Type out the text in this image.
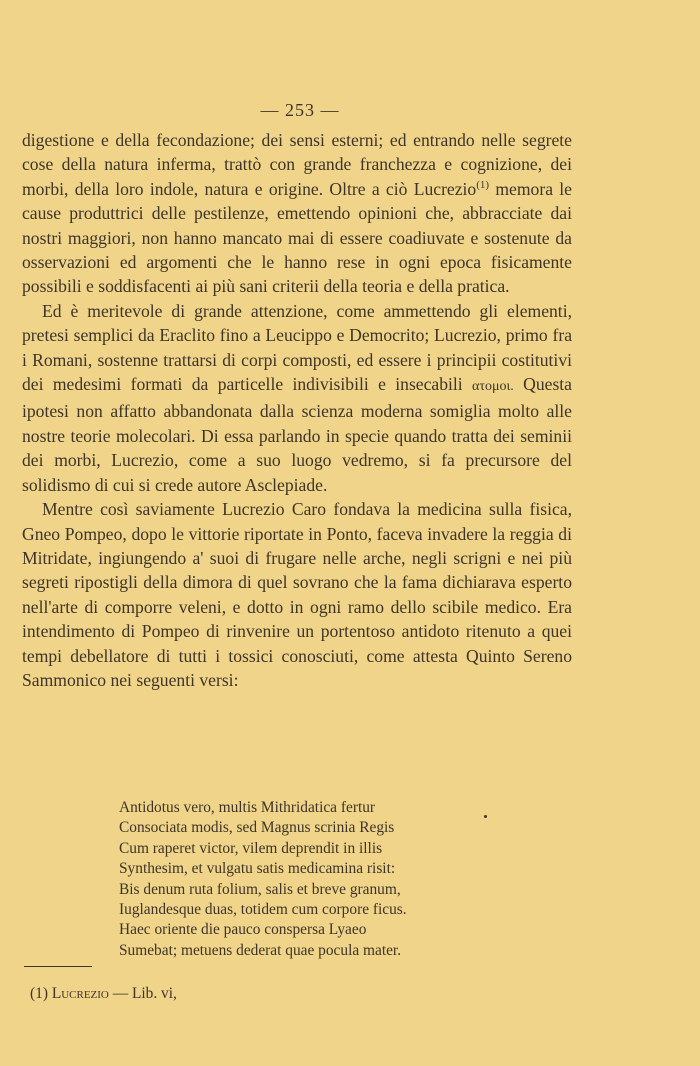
— 253 —

digestione e della fecondazione; dei sensi esterni; ed entrando nelle segrete cose della natura inferma, trattò con grande franchezza e cognizione, dei morbi, della loro indole, natura e origine. Oltre a ciò Lucrezio$^{(1)}$ memora le cause produttrici delle pestilenze, emettendo opinioni che, abbracciate dai nostri maggiori, non hanno mancato mai di essere coadiuvate e sostenute da osservazioni ed argomenti che le hanno rese in ogni epoca fisicamente possibili e soddisfacenti ai più sani criterii della teoria e della pratica.

Ed è meritevole di grande attenzione, come ammettendo gli elementi, pretesi semplici da Eraclito fino a Leucippo e Democrito; Lucrezio, primo fra i Romani, sostenne trattarsi di corpi composti, ed essere i principii costitutivi dei medesimi formati da particelle indivisibili e insecabili ατομοι. Questa ipotesi non affatto abbandonata dalla scienza moderna somiglia molto alle nostre teorie molecolari. Di essa parlando in specie quando tratta dei seminii dei morbi, Lucrezio, come a suo luogo vedremo, si fa precursore del solidismo di cui si crede autore Asclepiade.

Mentre così saviamente Lucrezio Caro fondava la medicina sulla fisica, Gneo Pompeo, dopo le vittorie riportate in Ponto, faceva invadere la reggia di Mitridate, ingiungendo a' suoi di frugare nelle arche, negli scrigni e nei più segreti ripostigli della dimora di quel sovrano che la fama dichiarava esperto nell'arte di comporre veleni, e dotto in ogni ramo dello scibile medico. Era intendimento di Pompeo di rinvenire un portentoso antidoto ritenuto a quei tempi debellatore di tutti i tossici conosciuti, come attesta Quinto Sereno Sammonico nei seguenti versi:

Antidotus vero, multis Mithridatica fertur
Consociata modis, sed Magnus scrinia Regis
Cum raperet victor, vilem deprendit in illis
Synthesim, et vulgatu satis medicamina risit:
Bis denum ruta folium, salis et breve granum,
Iuglandesque duas, totidem cum corpore ficus.
Haec oriente die pauco conspersa Lyaeo
Sumebat; metuens dederat quae pocula mater.
(1) Lucrezio — Lib. vi,
